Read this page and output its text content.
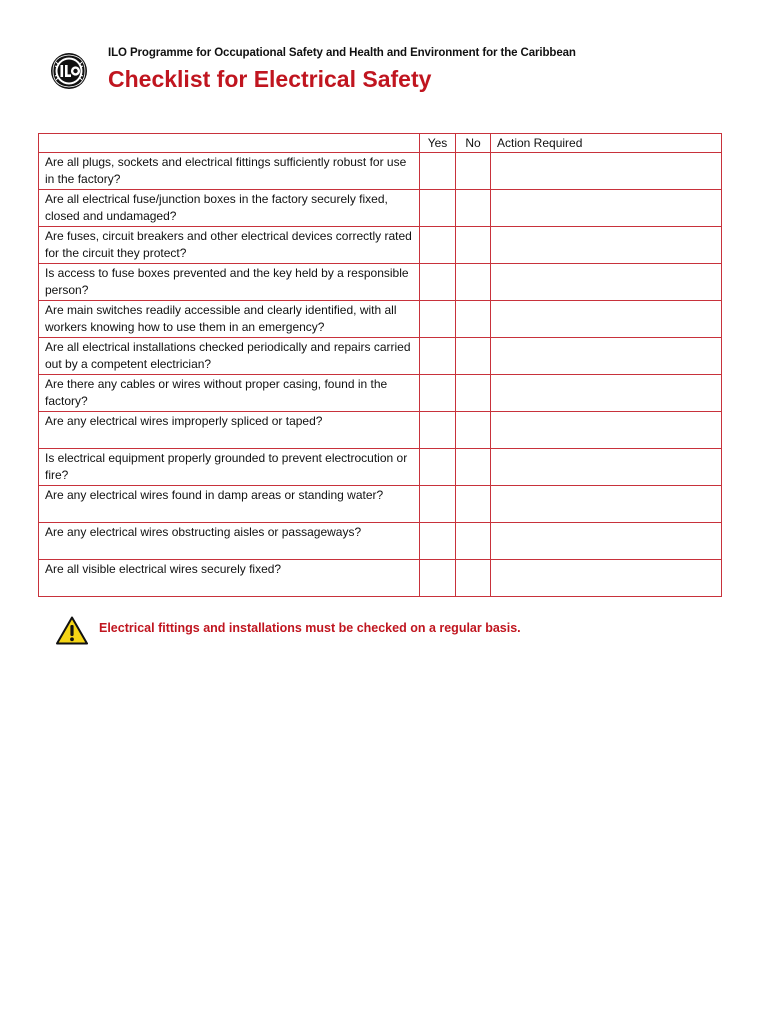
ILO Programme for Occupational Safety and Health and Environment for the Caribbean
Checklist for Electrical Safety
	Yes	No	Action Required
Are all plugs, sockets and electrical fittings sufficiently robust for use in the factory?			
Are all electrical fuse/junction boxes in the factory securely fixed, closed and undamaged?			
Are fuses, circuit breakers and other electrical devices correctly rated for the circuit they protect?			
Is access to fuse boxes prevented and the key held by a responsible person?			
Are main switches readily accessible and clearly identified, with all workers knowing how to use them in an emergency?			
Are all electrical installations checked periodically and repairs carried out by a competent electrician?			
Are there any cables or wires without proper casing, found in the factory?			
Are any electrical wires improperly spliced or taped?			
Is electrical equipment properly grounded to prevent electrocution or fire?			
Are any electrical wires found in damp areas or standing water?			
Are any electrical wires obstructing aisles or passageways?			
Are all visible electrical wires securely fixed?			
Electrical fittings and installations must be checked on a regular basis.
